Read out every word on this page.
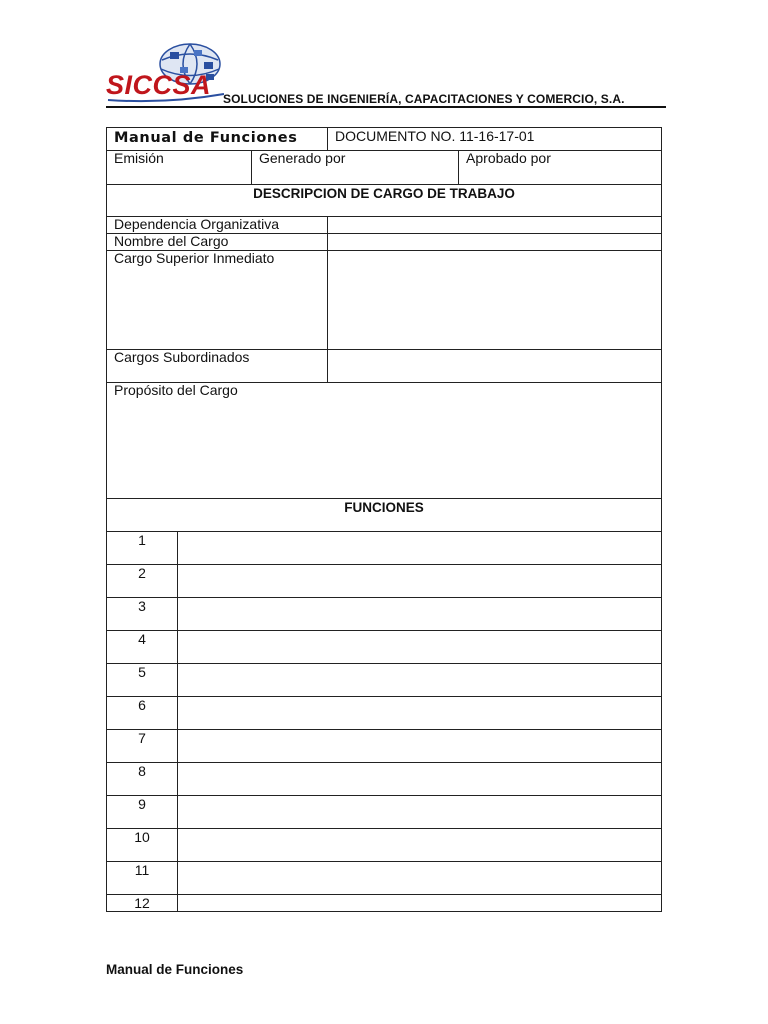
SICCSA SOLUCIONES DE INGENIERÍA, CAPACITACIONES Y COMERCIO, S.A.
Manual de Funciones			DOCUMENTO NO. 11-16-17-01	
Emisión		Generado por		Aprobado por
DESCRIPCION DE CARGO DE TRABAJO				
Dependencia Organizativa				
Nombre del Cargo				
Cargo Superior Inmediato				
Cargos Subordinados				
Propósito del Cargo				
FUNCIONES				
1				
2				
3				
4				
5				
6				
7				
8				
9				
10				
11				
12				
Manual de Funciones
